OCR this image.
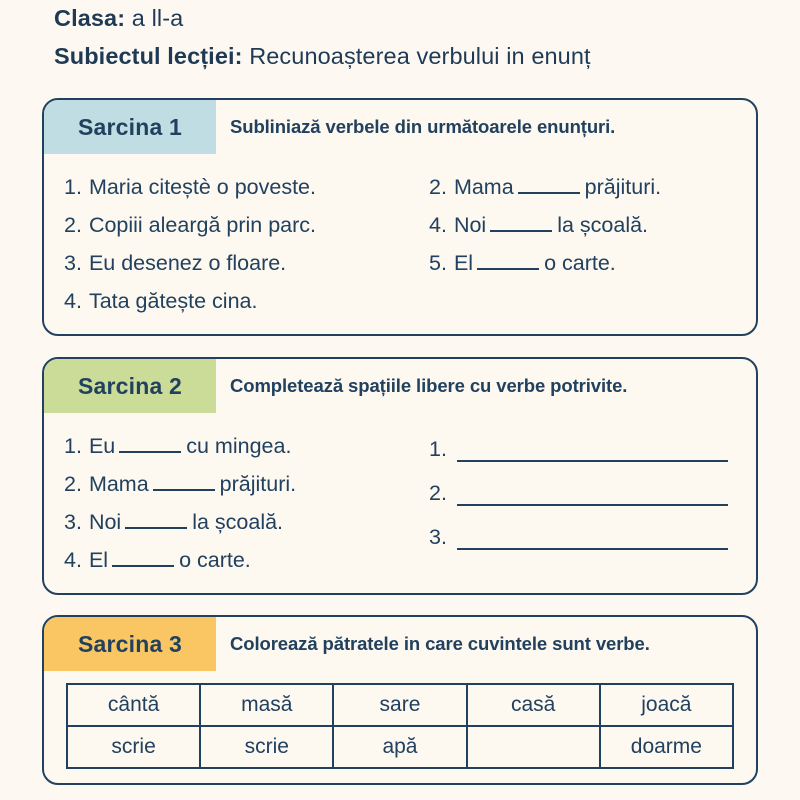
Clasa: a ll-a
Subiectul lecției: Recunoașterea verbului in enunț
Sarcina 1	Subliniază verbele din următoarele enunțuri.
1. Maria citeștè o poveste.
2. Copiii aleargă prin parc.
3. Eu desenez o floare.
4. Tata gătește cina.
2. Mama	prăjituri.
4. Noi	la școală.
5. El	o carte.
Sarcina 2	Completează spațiile libere cu verbe potrivite.
1. Eu	cu mingea.
2. Mama	prăjituri.
3. Noi	la școală.
4. El	o carte.
1.
2.
3.
Sarcina 3	Colorează pătratele in care cuvintele sunt verbe.
cântă	masă	sare	casă	joacă
scrie	scrie	apă		doarme
